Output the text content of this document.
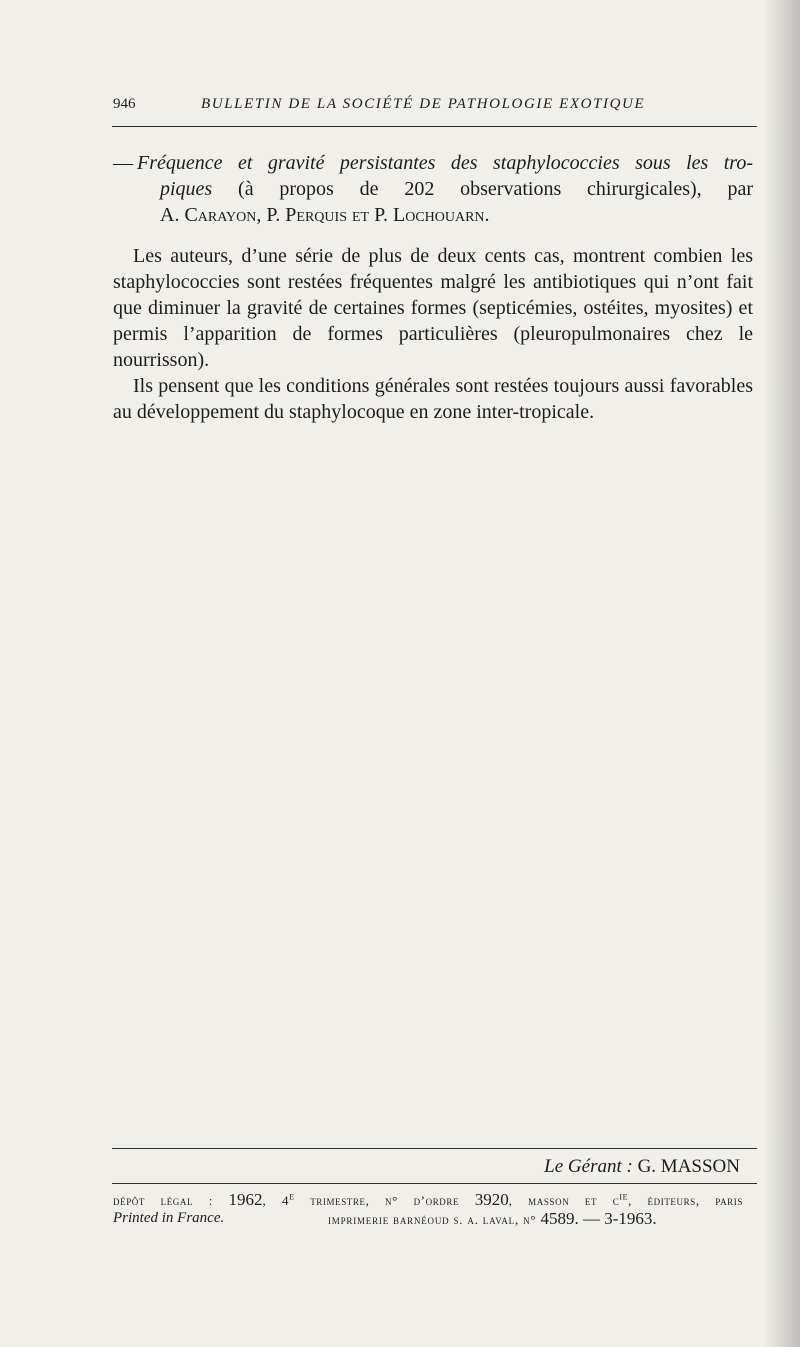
946	BULLETIN DE LA SOCIÉTÉ DE PATHOLOGIE EXOTIQUE
— Fréquence et gravité persistantes des staphylococcies sous les tro-
piques (à propos de 202 observations chirurgicales), par
A. Carayon, P. Perquis et P. Lochouarn.

Les auteurs, d’une série de plus de deux cents cas, montrent combien les staphylococcies sont restées fréquentes malgré les antibiotiques qui n’ont fait que diminuer la gravité de certaines formes (septicémies, ostéites, myosites) et permis l’apparition de formes particulières (pleuropulmonaires chez le nourrisson).

Ils pensent que les conditions générales sont restées toujours aussi favorables au développement du staphylocoque en zone inter-tropicale.

Le Gérant : G. MASSON
dépôt légal : 1962, 4e trimestre, n° d’ordre 3920, masson et $c^{ie}$, éditeurs, paris
Printed in France.	imprimerie barnéoud s. a. laval, n° 4589. — 3-1963.
